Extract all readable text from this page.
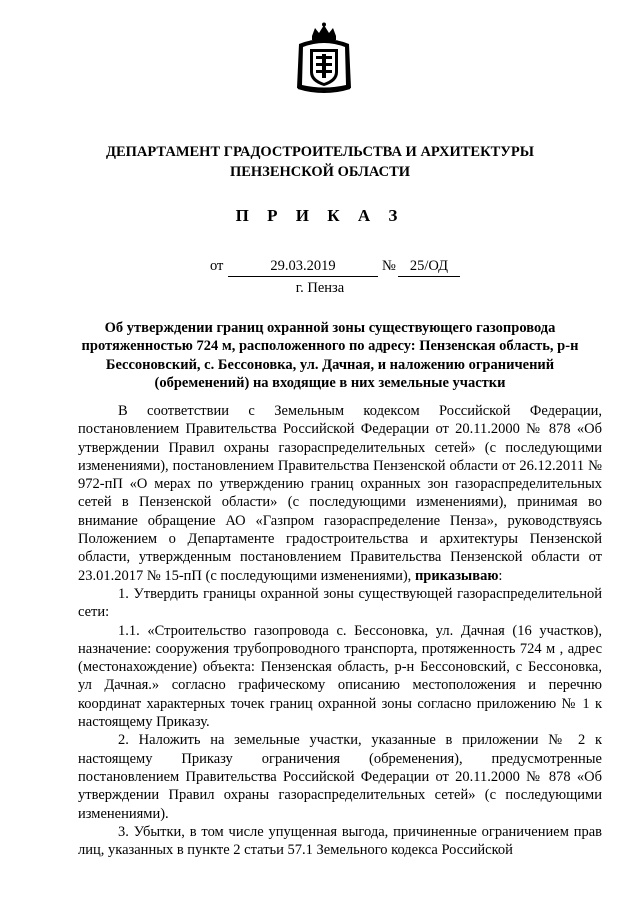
ДЕПАРТАМЕНТ ГРАДОСТРОИТЕЛЬСТВА И АРХИТЕКТУРЫ
ПЕНЗЕНСКОЙ ОБЛАСТИ
П Р И К А З
от	29.03.2019	№ 25/ОД
г. Пенза
Об утверждении границ охранной зоны существующего газопровода протяженностью 724 м, расположенного по адресу: Пензенская область, р-н Бессоновский, с. Бессоновка, ул. Дачная, и наложению ограничений (обременений) на входящие в них земельные участки

В соответствии с Земельным кодексом Российской Федерации, постановлением Правительства Российской Федерации от 20.11.2000 № 878 «Об утверждении Правил охраны газораспределительных сетей» (с последующими изменениями), постановлением Правительства Пензенской области от 26.12.2011 № 972-пП «О мерах по утверждению границ охранных зон газораспределительных сетей в Пензенской области» (с последующими изменениями), принимая во внимание обращение АО «Газпром газораспределение Пенза», руководствуясь Положением о Департаменте градостроительства и архитектуры Пензенской области, утвержденным постановлением Правительства Пензенской области от 23.01.2017 № 15-пП (с последующими изменениями), приказываю:

1. Утвердить границы охранной зоны существующей газораспределительной сети:

1.1. «Строительство газопровода с. Бессоновка, ул. Дачная (16 участков), назначение: сооружения трубопроводного транспорта, протяженность 724 м , адрес (местонахождение) объекта: Пензенская область, р-н Бессоновский, с Бессоновка, ул Дачная.» согласно графическому описанию местоположения и перечню координат характерных точек границ охранной зоны согласно приложению № 1 к настоящему Приказу.

2. Наложить на земельные участки, указанные в приложении № 2 к настоящему Приказу ограничения (обременения), предусмотренные постановлением Правительства Российской Федерации от 20.11.2000 № 878 «Об утверждении Правил охраны газораспределительных сетей» (с последующими изменениями).

3. Убытки, в том числе упущенная выгода, причиненные ограничением прав лиц, указанных в пункте 2 статьи 57.1 Земельного кодекса Российской
